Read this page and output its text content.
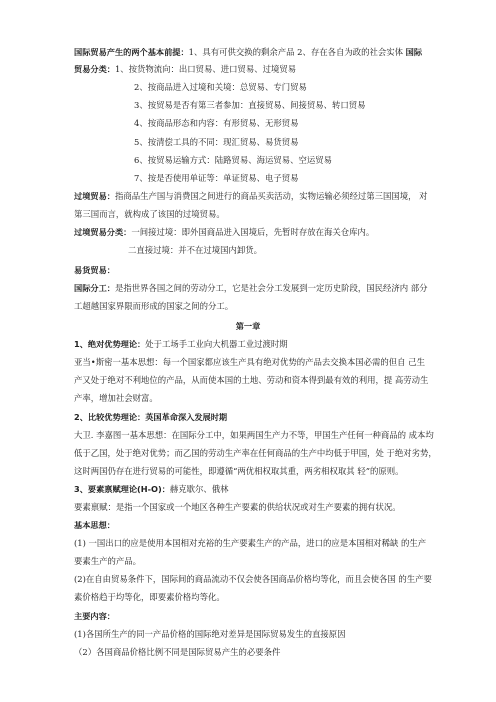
国际贸易产生的两个基本前提：1、具有可供交换的剩余产品 2、存在各自为政的社会实体 国际
贸易分类：1、按货物流向：出口贸易、进口贸易、过境贸易
2、按商品进入过境和关境：总贸易、专门贸易
3、按贸易是否有第三者参加：直接贸易、间接贸易、转口贸易
4、按商品形态和内容：有形贸易、无形贸易
5、按清偿工具的不同：现汇贸易、易货贸易
6、按贸易运输方式：陆路贸易、海运贸易、空运贸易
7、按是否使用单证等：单证贸易、电子贸易
过境贸易：指商品生产国与消费国之间进行的商品买卖活动，实物运输必须经过第三国国境， 对
第三国而言，就构成了该国的过境贸易。
过境贸易分类：一间接过境：即外国商品进入国境后，先暂时存放在海关仓库内。
二直接过境：并不在过境国内卸货。
易货贸易：
国际分工：是指世界各国之间的劳动分工，它是社会分工发展到一定历史阶段，国民经济内 部分
工超越国家界限而形成的国家之间的分工。
第一章
1、绝对优势理论：处于工场手工业向大机器工业过渡时期
亚当•斯密一基本思想：每一个国家都应该生产具有绝对优势的产品去交换本国必需的但自 己生
产又处于绝对不利地位的产品，从而使本国的土地、劳动和资本得到最有效的利用，提 高劳动生
产率，增加社会财富。
2、比较优势理论：英国革命深入发展时期
大卫. 李嘉图一基本思想：在国际分工中，如果两国生产力不等，甲国生产任何一种商品的 成本均
低于乙国，处于绝对优势；而乙国的劳动生产率在任何商品的生产中均低于甲国，处 于绝对劣势，
这时两国仍存在进行贸易的可能性，即遵循“两优相权取其重，两劣相权取其 轻”的原则。
3、要素禀赋理论(H-O)：赫克歇尔、俄林
要素禀赋：是指一个国家或一个地区各种生产要素的供给状况或对生产要素的拥有状况。
基本思想：
(1) 一国出口的应是使用本国相对充裕的生产要素生产的产品，进口的应是本国相对稀缺 的生产
要素生产的产品。
(2)在自由贸易条件下，国际间的商品流动不仅会使各国商品价格均等化，而且会使各国 的生产要
素价格趋于均等化，即要素价格均等化。
主要内容：
(1)各国所生产的同一产品价格的国际绝对差异是国际贸易发生的直接原因
（2）各国商品价格比例不同是国际贸易产生的必要条件
